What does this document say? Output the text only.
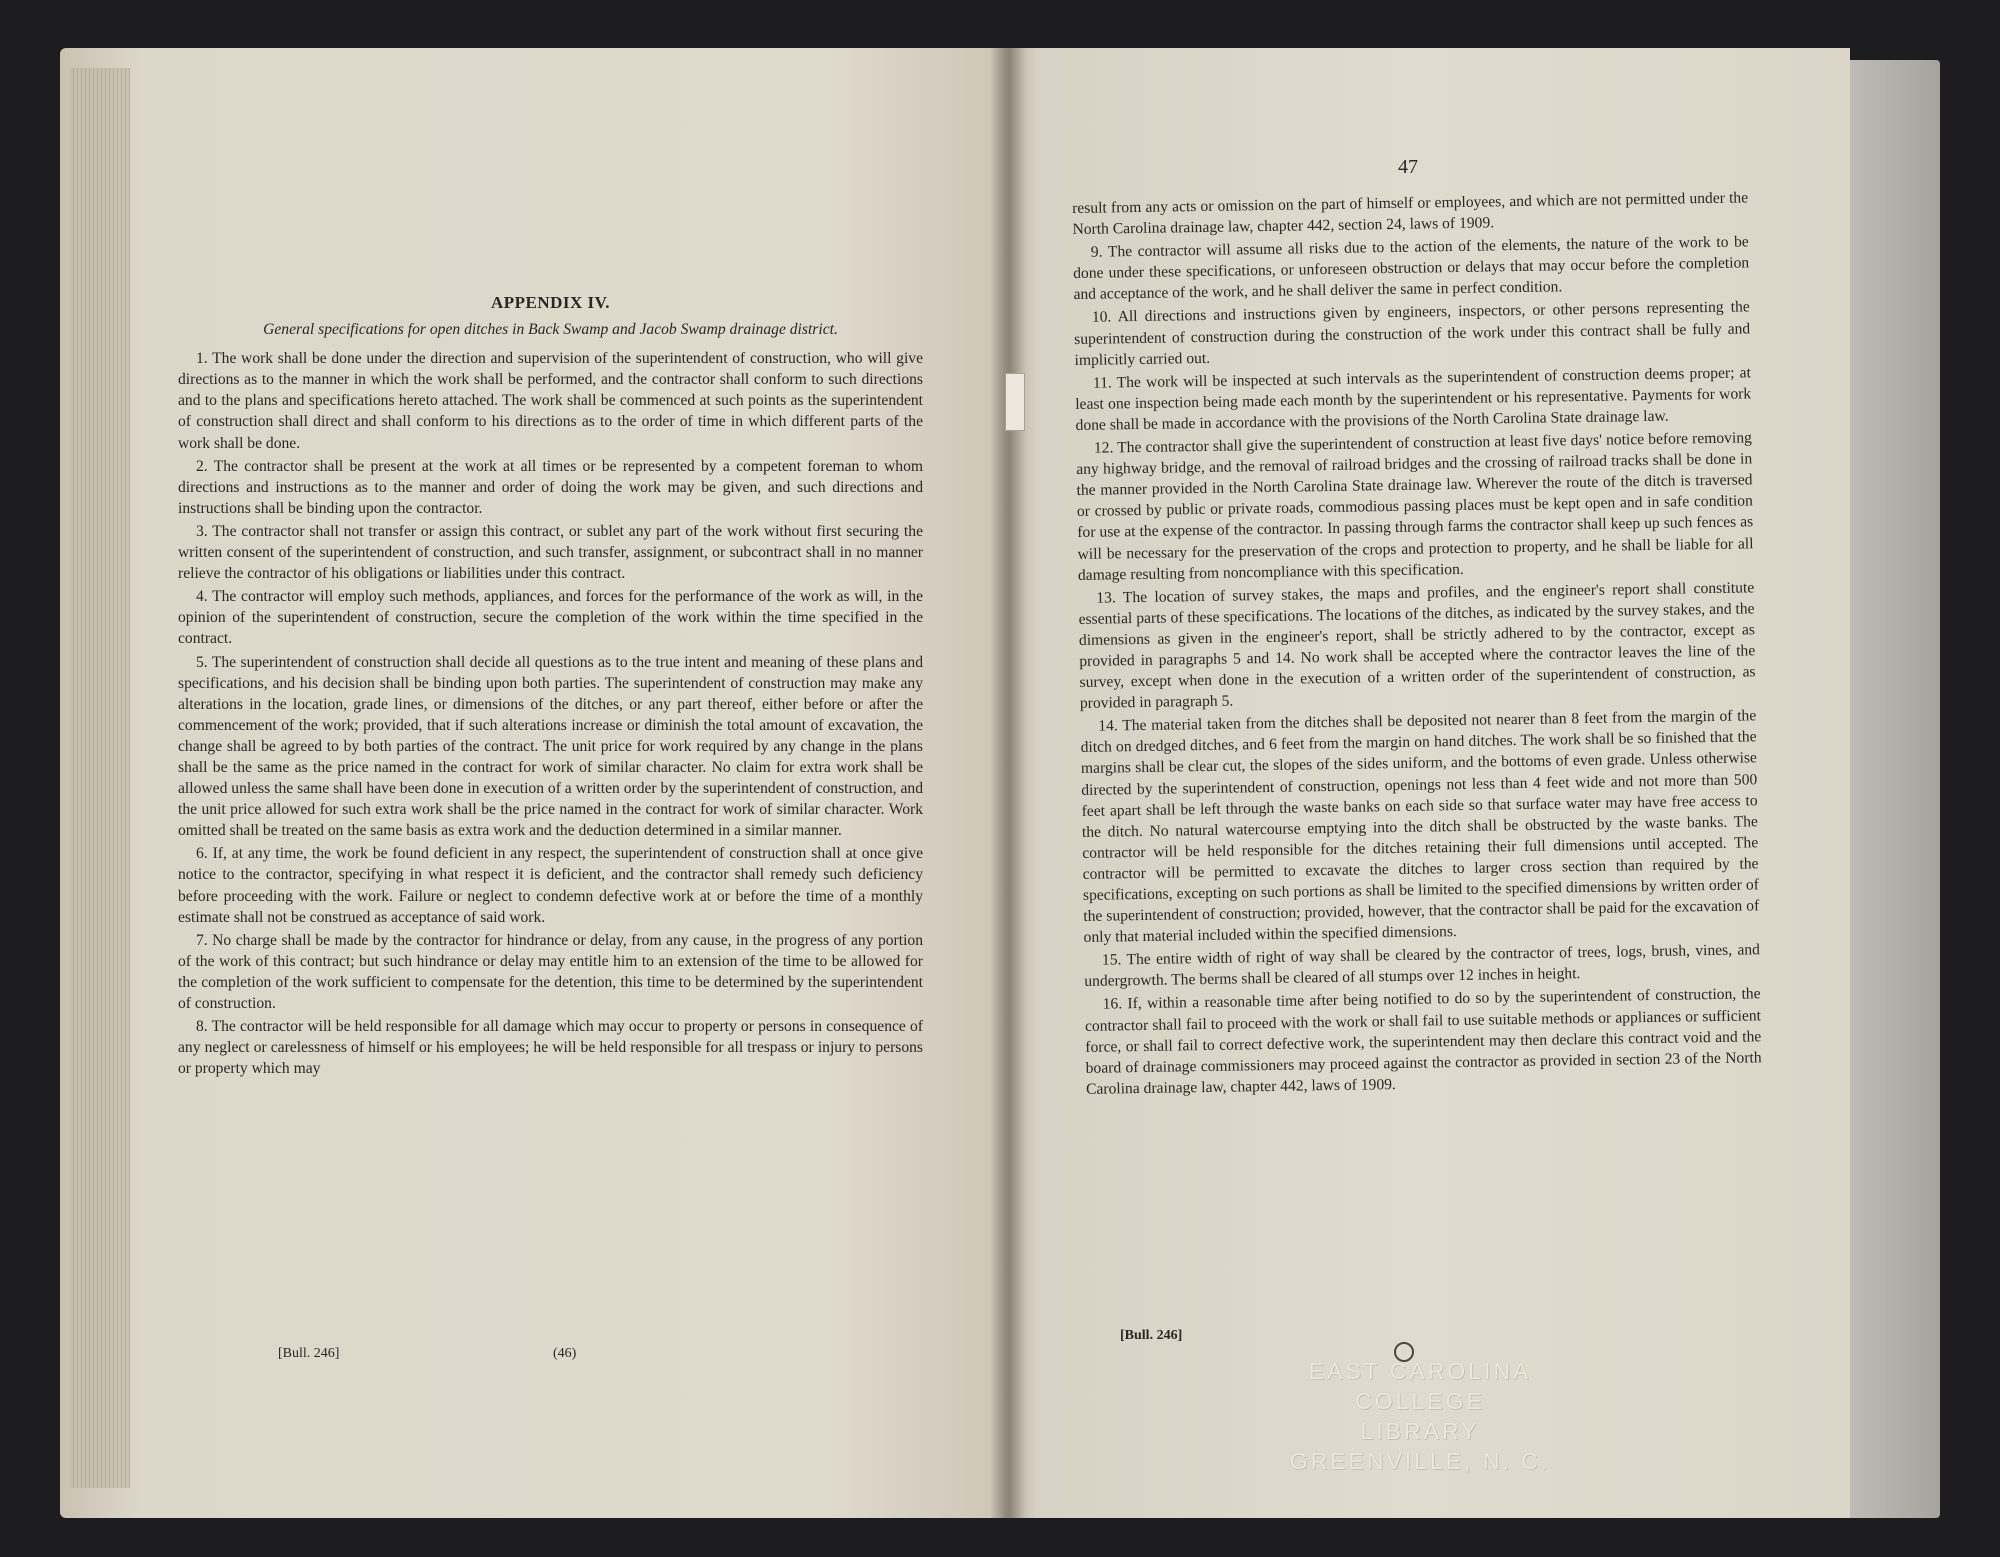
APPENDIX IV.

General specifications for open ditches in Back Swamp and Jacob Swamp drainage district.

1. The work shall be done under the direction and supervision of the superintendent of construction, who will give directions as to the manner in which the work shall be performed, and the contractor shall conform to such directions and to the plans and specifications hereto attached. The work shall be commenced at such points as the superintendent of construction shall direct and shall conform to his directions as to the order of time in which different parts of the work shall be done.

2. The contractor shall be present at the work at all times or be represented by a competent foreman to whom directions and instructions as to the manner and order of doing the work may be given, and such directions and instructions shall be binding upon the contractor.

3. The contractor shall not transfer or assign this contract, or sublet any part of the work without first securing the written consent of the superintendent of construction, and such transfer, assignment, or subcontract shall in no manner relieve the contractor of his obligations or liabilities under this contract.

4. The contractor will employ such methods, appliances, and forces for the performance of the work as will, in the opinion of the superintendent of construction, secure the completion of the work within the time specified in the contract.

5. The superintendent of construction shall decide all questions as to the true intent and meaning of these plans and specifications, and his decision shall be binding upon both parties. The superintendent of construction may make any alterations in the location, grade lines, or dimensions of the ditches, or any part thereof, either before or after the commencement of the work; provided, that if such alterations increase or diminish the total amount of excavation, the change shall be agreed to by both parties of the contract. The unit price for work required by any change in the plans shall be the same as the price named in the contract for work of similar character. No claim for extra work shall be allowed unless the same shall have been done in execution of a written order by the superintendent of construction, and the unit price allowed for such extra work shall be the price named in the contract for work of similar character. Work omitted shall be treated on the same basis as extra work and the deduction determined in a similar manner.

6. If, at any time, the work be found deficient in any respect, the superintendent of construction shall at once give notice to the contractor, specifying in what respect it is deficient, and the contractor shall remedy such deficiency before proceeding with the work. Failure or neglect to condemn defective work at or before the time of a monthly estimate shall not be construed as acceptance of said work.

7. No charge shall be made by the contractor for hindrance or delay, from any cause, in the progress of any portion of the work of this contract; but such hindrance or delay may entitle him to an extension of the time to be allowed for the completion of the work sufficient to compensate for the detention, this time to be determined by the superintendent of construction.

8. The contractor will be held responsible for all damage which may occur to property or persons in consequence of any neglect or carelessness of himself or his employees; he will be held responsible for all trespass or injury to persons or property which may

[Bull. 246]	(46)
47

result from any acts or omission on the part of himself or employees, and which are not permitted under the North Carolina drainage law, chapter 442, section 24, laws of 1909.

9. The contractor will assume all risks due to the action of the elements, the nature of the work to be done under these specifications, or unforeseen obstruction or delays that may occur before the completion and acceptance of the work, and he shall deliver the same in perfect condition.

10. All directions and instructions given by engineers, inspectors, or other persons representing the superintendent of construction during the construction of the work under this contract shall be fully and implicitly carried out.

11. The work will be inspected at such intervals as the superintendent of construction deems proper; at least one inspection being made each month by the superintendent or his representative. Payments for work done shall be made in accordance with the provisions of the North Carolina State drainage law.

12. The contractor shall give the superintendent of construction at least five days' notice before removing any highway bridge, and the removal of railroad bridges and the crossing of railroad tracks shall be done in the manner provided in the North Carolina State drainage law. Wherever the route of the ditch is traversed or crossed by public or private roads, commodious passing places must be kept open and in safe condition for use at the expense of the contractor. In passing through farms the contractor shall keep up such fences as will be necessary for the preservation of the crops and protection to property, and he shall be liable for all damage resulting from noncompliance with this specification.

13. The location of survey stakes, the maps and profiles, and the engineer's report shall constitute essential parts of these specifications. The locations of the ditches, as indicated by the survey stakes, and the dimensions as given in the engineer's report, shall be strictly adhered to by the contractor, except as provided in paragraphs 5 and 14. No work shall be accepted where the contractor leaves the line of the survey, except when done in the execution of a written order of the superintendent of construction, as provided in paragraph 5.

14. The material taken from the ditches shall be deposited not nearer than 8 feet from the margin of the ditch on dredged ditches, and 6 feet from the margin on hand ditches. The work shall be so finished that the margins shall be clear cut, the slopes of the sides uniform, and the bottoms of even grade. Unless otherwise directed by the superintendent of construction, openings not less than 4 feet wide and not more than 500 feet apart shall be left through the waste banks on each side so that surface water may have free access to the ditch. No natural watercourse emptying into the ditch shall be obstructed by the waste banks. The contractor will be held responsible for the ditches retaining their full dimensions until accepted. The contractor will be permitted to excavate the ditches to larger cross section than required by the specifications, excepting on such portions as shall be limited to the specified dimensions by written order of the superintendent of construction; provided, however, that the contractor shall be paid for the excavation of only that material included within the specified dimensions.

15. The entire width of right of way shall be cleared by the contractor of trees, logs, brush, vines, and undergrowth. The berms shall be cleared of all stumps over 12 inches in height.

16. If, within a reasonable time after being notified to do so by the superintendent of construction, the contractor shall fail to proceed with the work or shall fail to use suitable methods or appliances or sufficient force, or shall fail to correct defective work, the superintendent may then declare this contract void and the board of drainage commissioners may proceed against the contractor as provided in section 23 of the North Carolina drainage law, chapter 442, laws of 1909.

[Bull. 246]
EAST CAROLINA COLLEGE
LIBRARY
GREENVILLE, N. C.
